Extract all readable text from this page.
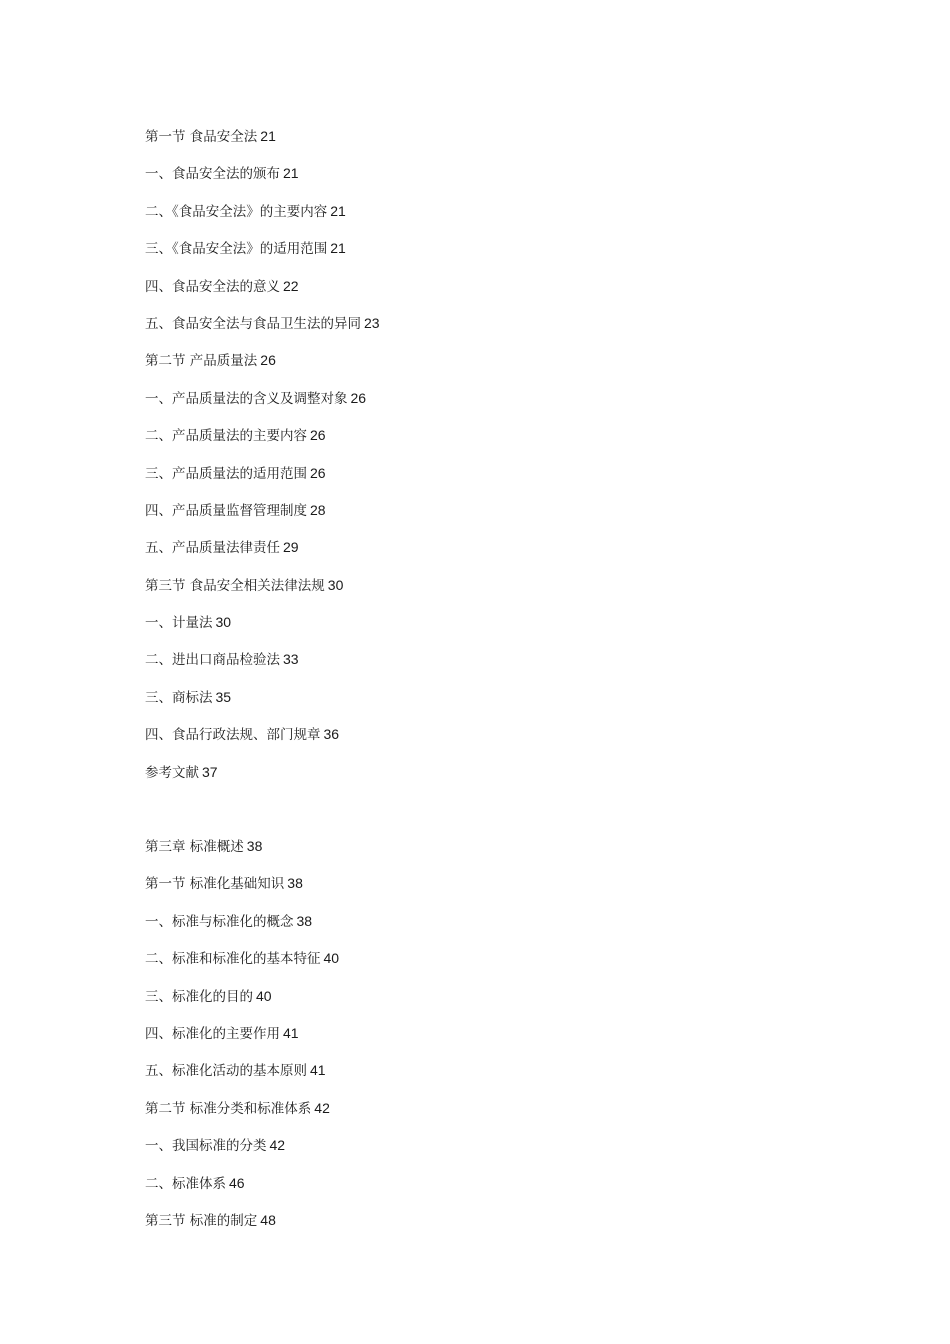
第一节 食品安全法 21
一、食品安全法的颁布 21
二、《食品安全法》的主要内容 21
三、《食品安全法》的适用范围 21
四、食品安全法的意义 22
五、食品安全法与食品卫生法的异同 23
第二节 产品质量法 26
一、产品质量法的含义及调整对象 26
二、产品质量法的主要内容 26
三、产品质量法的适用范围 26
四、产品质量监督管理制度 28
五、产品质量法律责任 29
第三节 食品安全相关法律法规 30
一、计量法 30
二、进出口商品检验法 33
三、商标法 35
四、食品行政法规、部门规章 36
参考文献 37
第三章 标准概述 38
第一节 标准化基础知识 38
一、标准与标准化的概念 38
二、标准和标准化的基本特征 40
三、标准化的目的 40
四、标准化的主要作用 41
五、标准化活动的基本原则 41
第二节 标准分类和标准体系 42
一、我国标准的分类 42
二、标准体系 46
第三节 标准的制定 48
